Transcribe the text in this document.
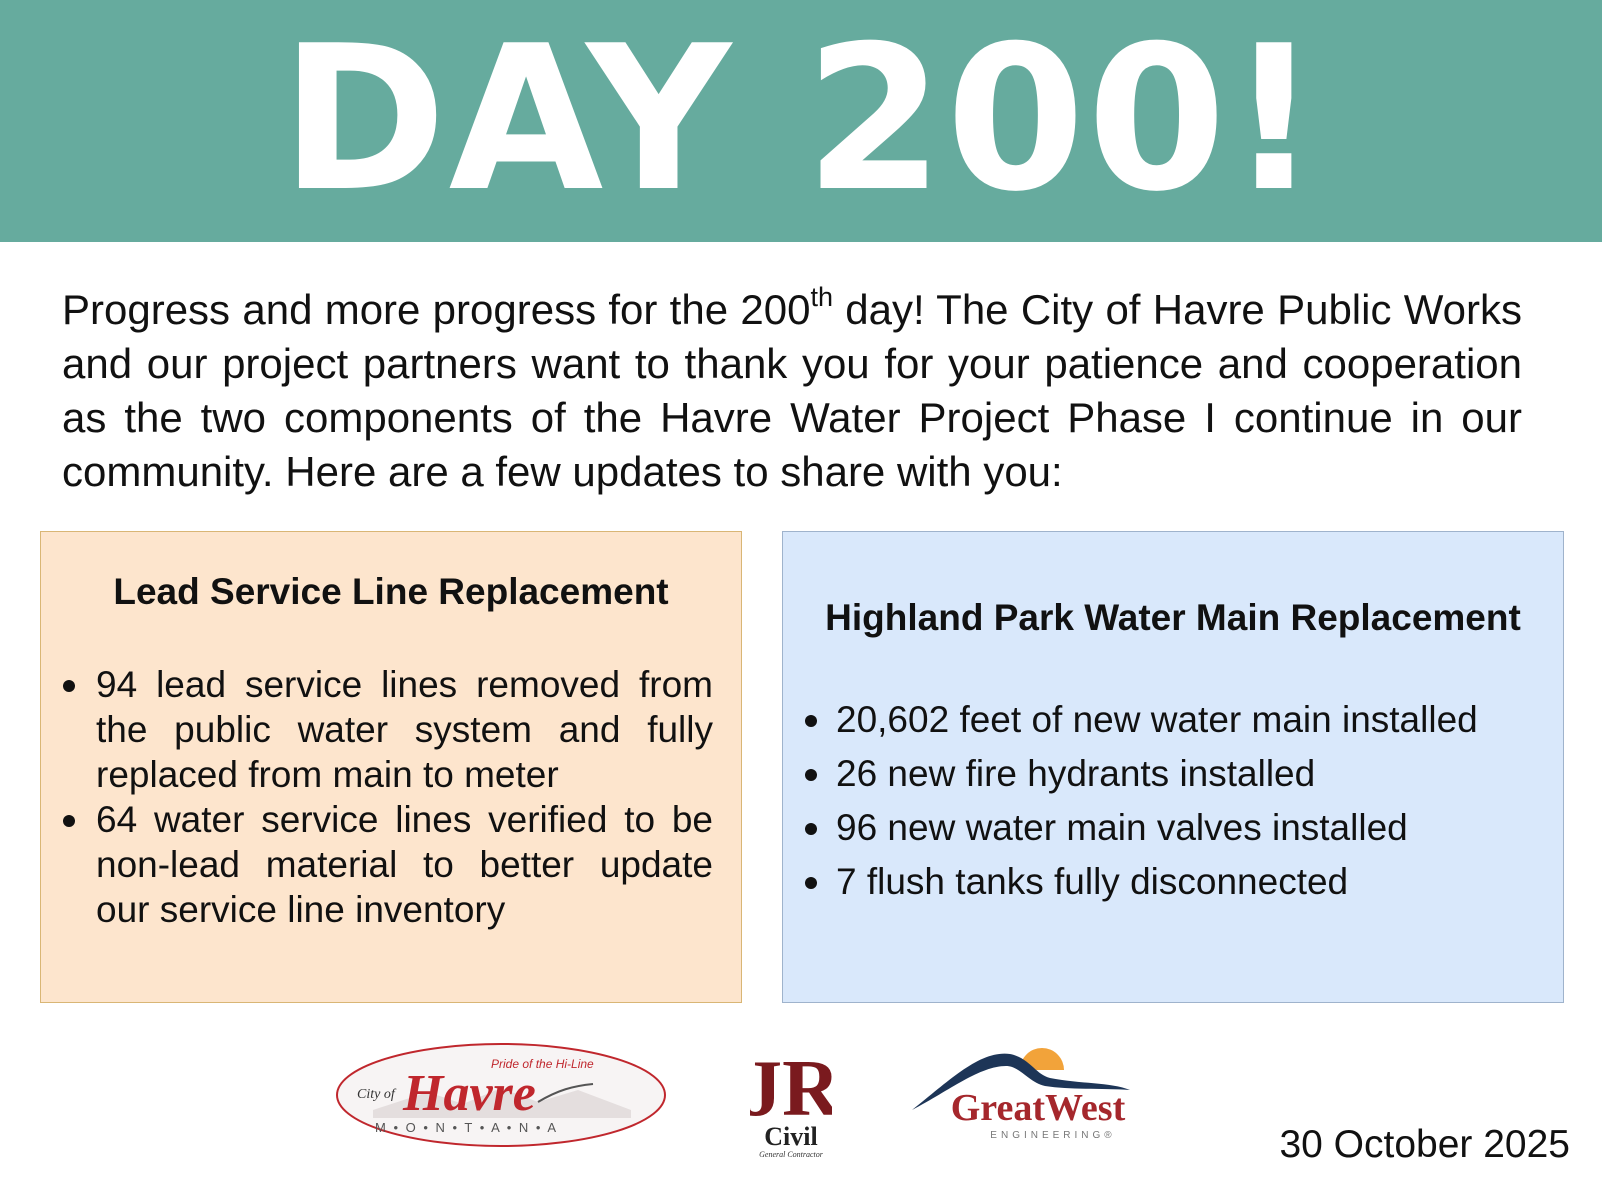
DAY 200!
Progress and more progress for the 200th day! The City of Havre Public Works and our project partners want to thank you for your patience and cooperation as the two components of the Havre Water Project Phase I continue in our community. Here are a few updates to share with you:
Lead Service Line Replacement
94 lead service lines removed from the public water system and fully replaced from main to meter
64 water service lines verified to be non-lead material to better update our service line inventory
Highland Park Water Main Replacement
20,602 feet of new water main installed
26 new fire hydrants installed
96 new water main valves installed
7 flush tanks fully disconnected
Pride of the Hi-Line
City of Havre
M • O • N • T • A • N • A JR
Civil
General Contractor
GreatWest
ENGINEERING®	30 October 2025
